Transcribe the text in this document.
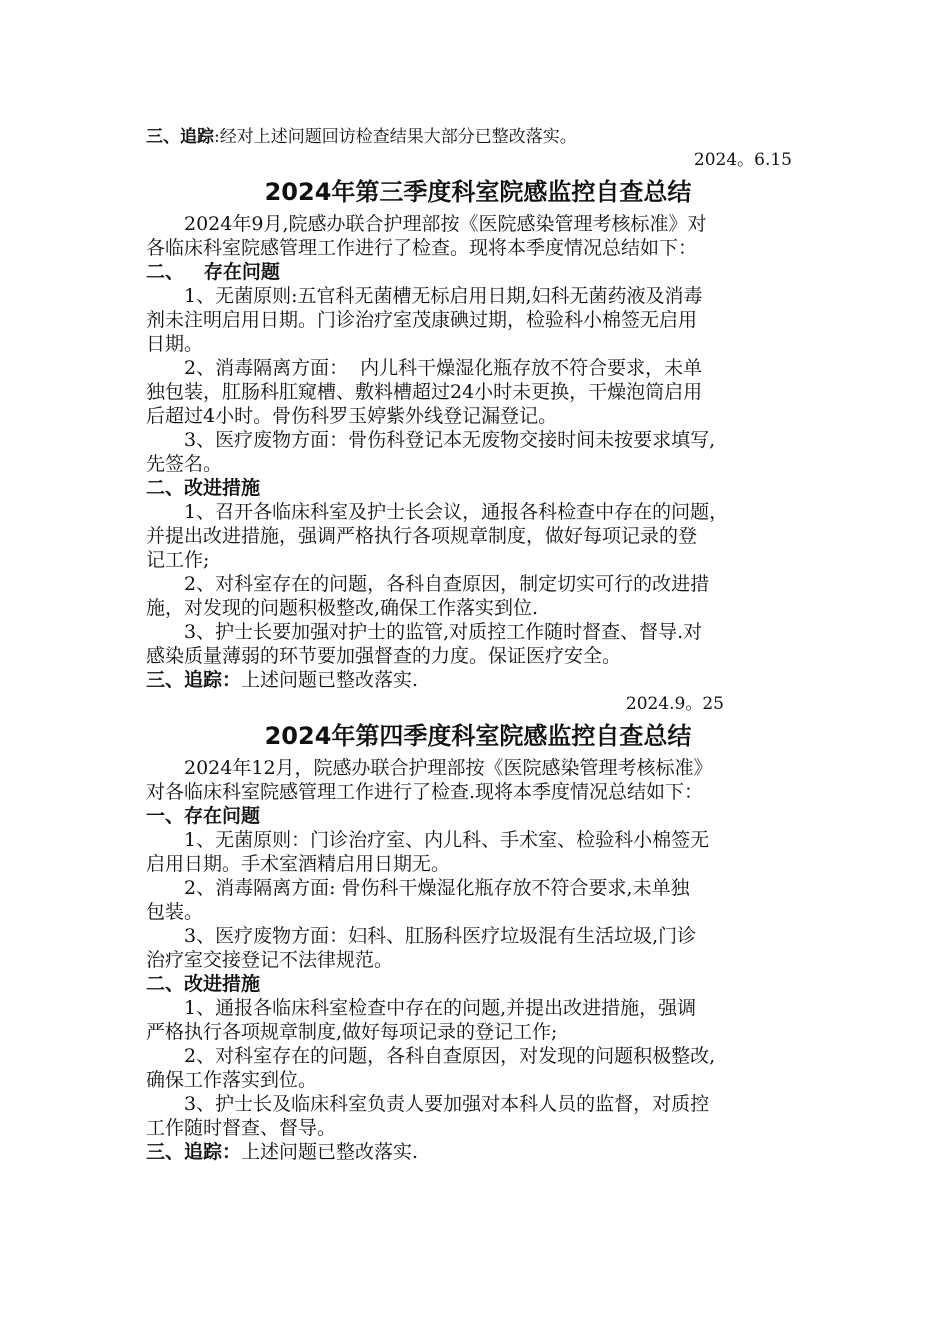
三、追踪:经对上述问题回访检查结果大部分已整改落实。
2024。6.15
2024年第三季度科室院感监控自查总结
2024年9月,院感办联合护理部按《医院感染管理考核标准》对
各临床科室院感管理工作进行了检查。现将本季度情况总结如下：
二、   存在问题
1、无菌原则:五官科无菌槽无标启用日期,妇科无菌药液及消毒
剂未注明启用日期。门诊治疗室茂康碘过期，检验科小棉签无启用
日期。
2、消毒隔离方面：  内儿科干燥湿化瓶存放不符合要求，未单
独包装，肛肠科肛窥槽、敷料槽超过24小时未更换，干燥泡筒启用
后超过4小时。骨伤科罗玉婷紫外线登记漏登记。
3、医疗废物方面：骨伤科登记本无废物交接时间未按要求填写,
先签名。
二、改进措施
1、召开各临床科室及护士长会议，通报各科检查中存在的问题，
并提出改进措施，强调严格执行各项规章制度，做好每项记录的登
记工作;
2、对科室存在的问题，各科自查原因，制定切实可行的改进措
施，对发现的问题积极整改,确保工作落实到位.
3、护士长要加强对护士的监管,对质控工作随时督查、督导.对
感染质量薄弱的环节要加强督查的力度。保证医疗安全。
三、追踪：上述问题已整改落实.
2024.9。25
2024年第四季度科室院感监控自查总结
2024年12月，院感办联合护理部按《医院感染管理考核标准》
对各临床科室院感管理工作进行了检查.现将本季度情况总结如下：
一、存在问题
1、无菌原则：门诊治疗室、内儿科、手术室、检验科小棉签无
启用日期。手术室酒精启用日期无。
2、消毒隔离方面: 骨伤科干燥湿化瓶存放不符合要求,未单独
包装。
3、医疗废物方面：妇科、肛肠科医疗垃圾混有生活垃圾,门诊
治疗室交接登记不法律规范。
二、改进措施
1、通报各临床科室检查中存在的问题,并提出改进措施，强调
严格执行各项规章制度,做好每项记录的登记工作;
2、对科室存在的问题，各科自查原因，对发现的问题积极整改,
确保工作落实到位。
3、护士长及临床科室负责人要加强对本科人员的监督，对质控
工作随时督查、督导。
三、追踪：上述问题已整改落实.
